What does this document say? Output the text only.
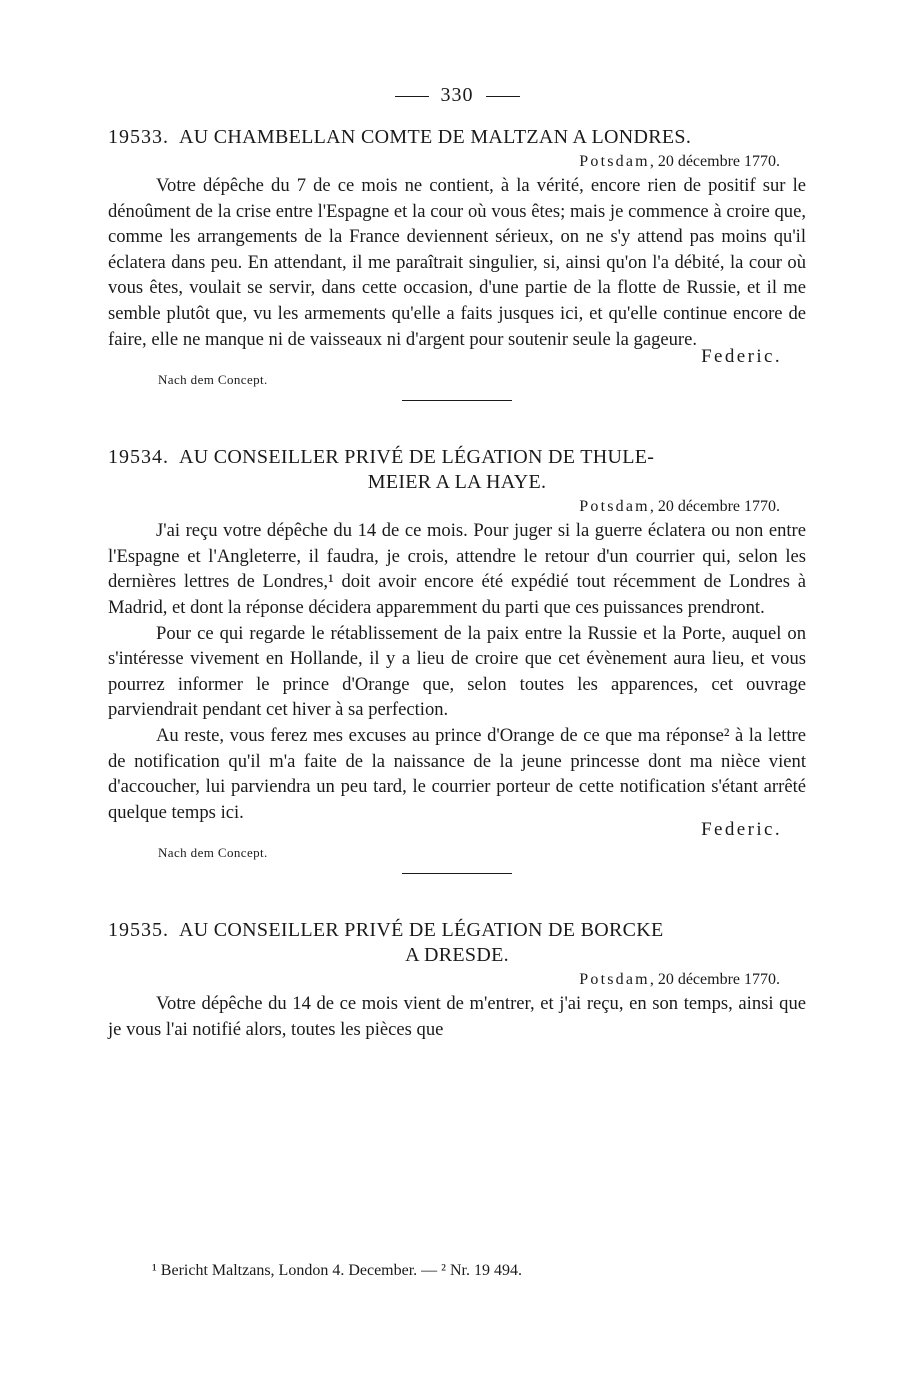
330
19533. AU CHAMBELLAN COMTE DE MALTZAN A LONDRES.
Potsdam, 20 décembre 1770.

Votre dépêche du 7 de ce mois ne contient, à la vérité, encore rien de positif sur le dénoûment de la crise entre l'Espagne et la cour où vous êtes; mais je commence à croire que, comme les arrangements de la France deviennent sérieux, on ne s'y attend pas moins qu'il éclatera dans peu. En attendant, il me paraîtrait singulier, si, ainsi qu'on l'a débité, la cour où vous êtes, voulait se servir, dans cette occasion, d'une partie de la flotte de Russie, et il me semble plutôt que, vu les armements qu'elle a faits jusques ici, et qu'elle continue encore de faire, elle ne manque ni de vaisseaux ni d'argent pour soutenir seule la gageure.

Federic.
Nach dem Concept.
19534. AU CONSEILLER PRIVÉ DE LÉGATION DE THULE-
MEIER A LA HAYE.
Potsdam, 20 décembre 1770.

J'ai reçu votre dépêche du 14 de ce mois. Pour juger si la guerre éclatera ou non entre l'Espagne et l'Angleterre, il faudra, je crois, attendre le retour d'un courrier qui, selon les dernières lettres de Londres,¹ doit avoir encore été expédié tout récemment de Londres à Madrid, et dont la réponse décidera apparemment du parti que ces puissances prendront.

Pour ce qui regarde le rétablissement de la paix entre la Russie et la Porte, auquel on s'intéresse vivement en Hollande, il y a lieu de croire que cet évènement aura lieu, et vous pourrez informer le prince d'Orange que, selon toutes les apparences, cet ouvrage parviendrait pendant cet hiver à sa perfection.

Au reste, vous ferez mes excuses au prince d'Orange de ce que ma réponse² à la lettre de notification qu'il m'a faite de la naissance de la jeune princesse dont ma nièce vient d'accoucher, lui parviendra un peu tard, le courrier porteur de cette notification s'étant arrêté quelque temps ici.

Federic.
Nach dem Concept.
19535. AU CONSEILLER PRIVÉ DE LÉGATION DE BORCKE
A DRESDE.
Potsdam, 20 décembre 1770.

Votre dépêche du 14 de ce mois vient de m'entrer, et j'ai reçu, en son temps, ainsi que je vous l'ai notifié alors, toutes les pièces que

¹ Bericht Maltzans, London 4. December. — ² Nr. 19 494.
